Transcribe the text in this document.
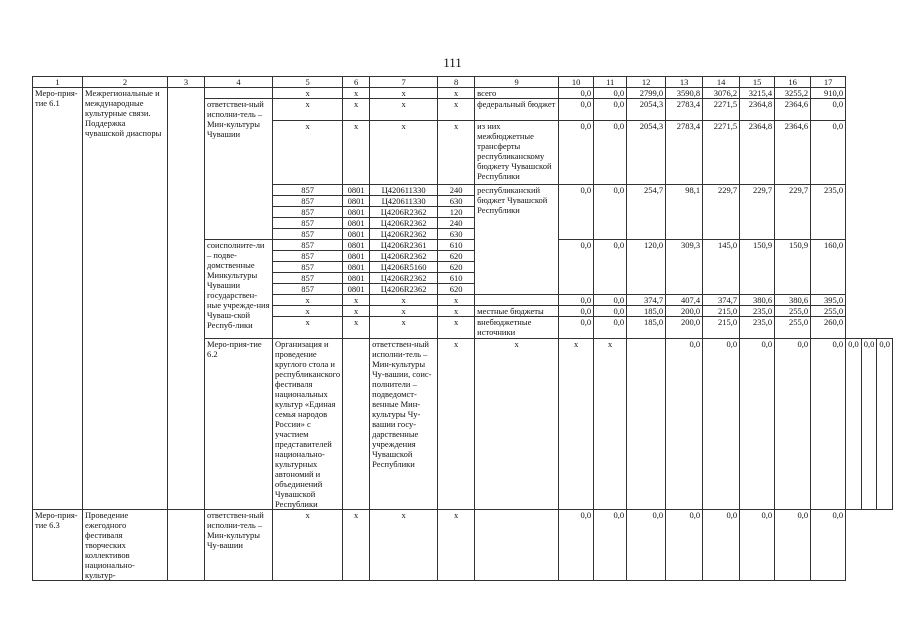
111
1	2	3	4	5	6	7	8	9	10	11	12	13	14	15	16	17			
Меро-прия-тие 6.1	Межрегиональные и международные культурные связи. Поддержка чувашской диаспоры			x	x	x	x	всего	0,0	0,0	2799,0	3590,8	3076,2	3215,4	3255,2	910,0			
			ответствен-ный исполни-тель – Мин-культуры Чувашии	x	x	x	x	федеральный бюджет	0,0	0,0	2054,3	2783,4	2271,5	2364,8	2364,6	0,0			
				x	x	x	x	из них межбюджетные трансферты республиканскому бюджету Чувашской Республики	0,0	0,0	2054,3	2783,4	2271,5	2364,8	2364,6	0,0			
				857	0801	Ц420611330	240	республиканский бюджет Чувашской Республики	0,0	0,0	254,7	98,1	229,7	229,7	229,7	235,0			
				857	0801	Ц420611330	630												
				857	0801	Ц4206R2362	120												
				857	0801	Ц4206R2362	240												
				857	0801	Ц4206R2362	630												
			соисполните-ли – подве-домственные Минкультуры Чувашии государствен-ные учрежде-ния Чуваш-ской Респуб-лики	857	0801	Ц4206R2361	610		0,0	0,0	120,0	309,3	145,0	150,9	150,9	160,0			
				857	0801	Ц4206R2362	620												
				857	0801	Ц4206R5160	620												
				857	0801	Ц4206R2362	610												
				857	0801	Ц4206R2362	620												
				x	x	x	x		0,0	0,0	374,7	407,4	374,7	380,6	380,6	395,0			
				x	x	x	x	местные бюджеты	0,0	0,0	185,0	200,0	215,0	235,0	255,0	255,0			
				x	x	x	x	внебюджетные источники	0,0	0,0	185,0	200,0	215,0	235,0	255,0	260,0			
			Меро-прия-тие 6.2	Организация и проведение круглого стола и республиканского фестиваля национальных культур «Единая семья народов России» с участием представителей национально-культурных автономий и объединений Чувашской Республики		ответствен-ный исполни-тель – Мин-культуры Чу-вашии, соис-полнители – подведомст-венные Мин-культуры Чу-вашии госу-дарственные учреждения Чувашской Республики	x	x	x	x		0,0	0,0	0,0	0,0	0,0	0,0	0,0	0,0
Меро-прия-тие 6.3	Проведение ежегодного фестиваля творческих коллективов национально-культур-		ответствен-ный исполни-тель – Мин-культуры Чу-вашии	x	x	x	x		0,0	0,0	0,0	0,0	0,0	0,0	0,0	0,0			
